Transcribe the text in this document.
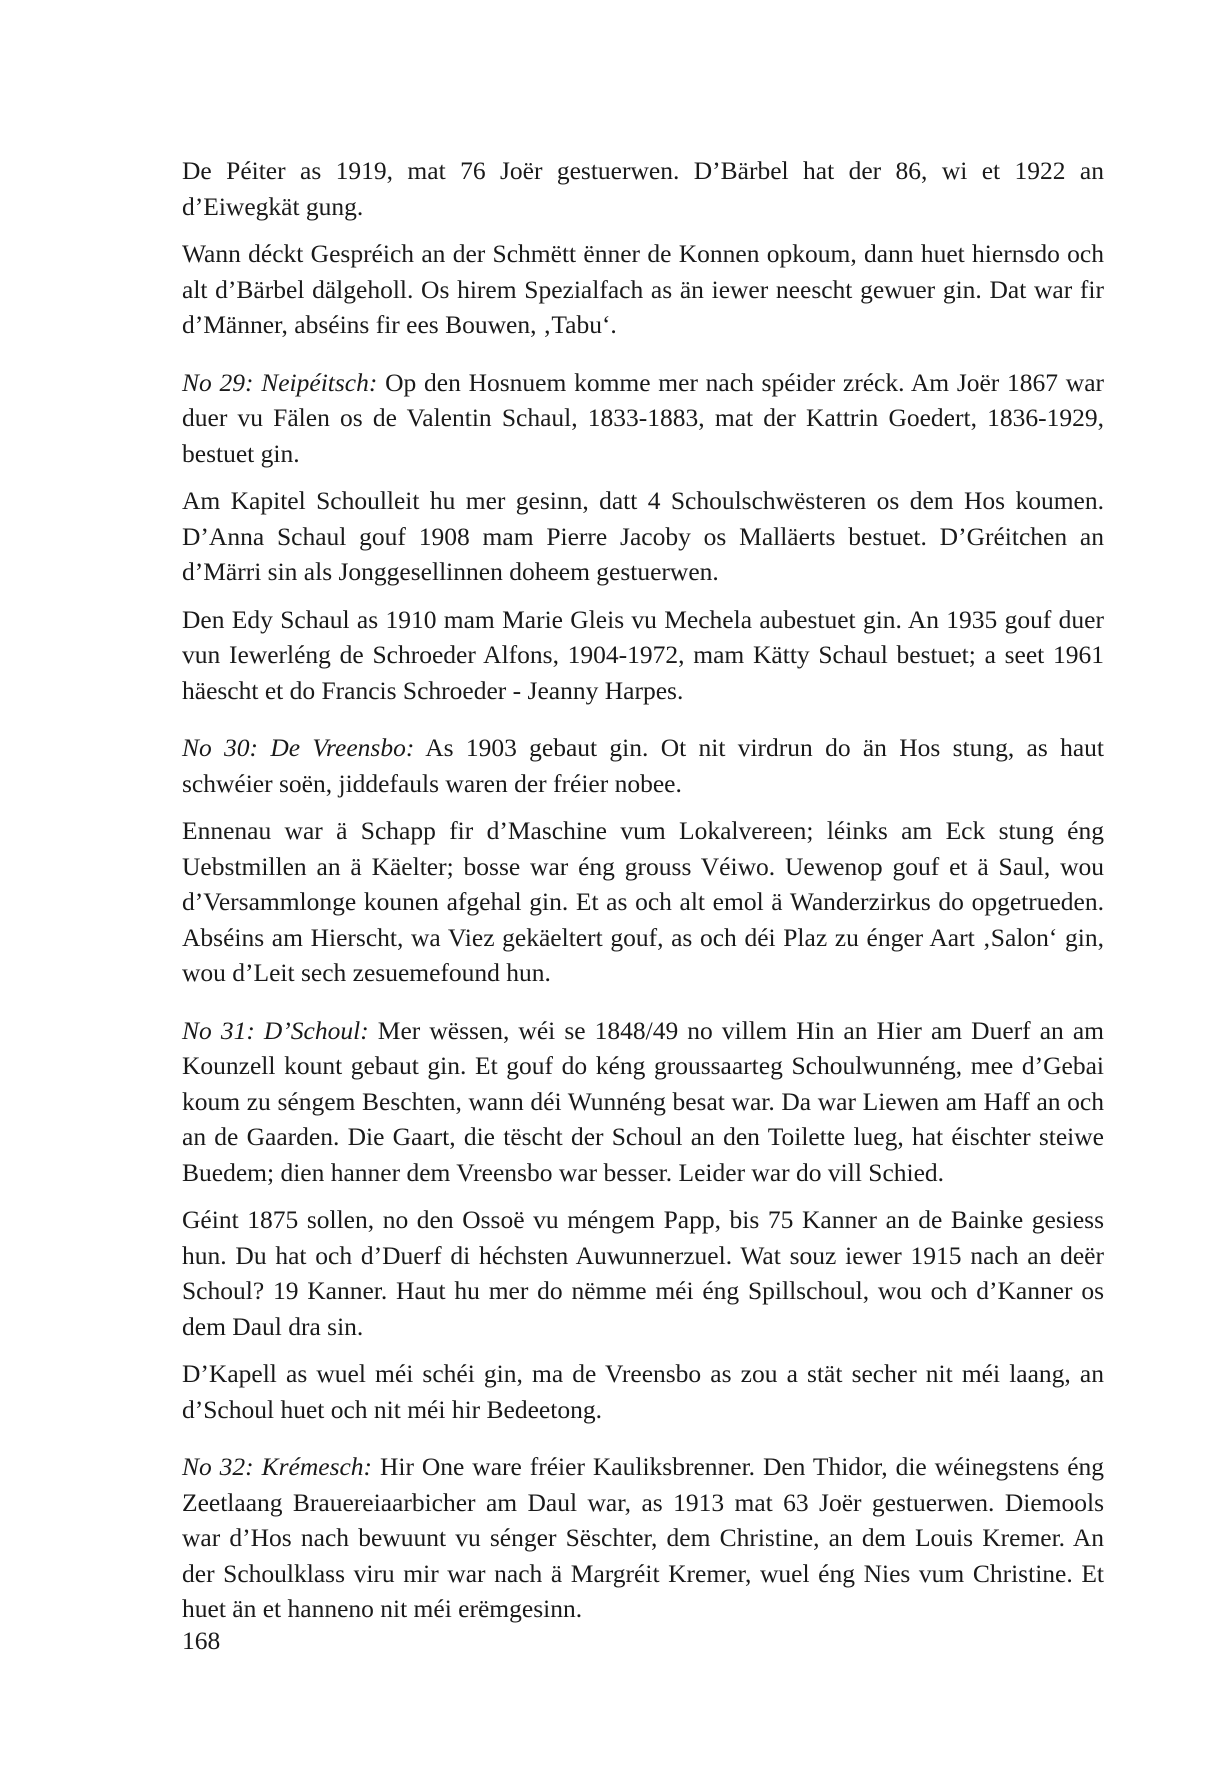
De Péiter as 1919, mat 76 Joër gestuerwen. D’Bärbel hat der 86, wi et 1922 an d’Eiwegkät gung.

Wann déckt Gespréich an der Schmëtt ënner de Konnen opkoum, dann huet hiernsdo och alt d’Bärbel dälgeholl. Os hirem Spezialfach as än iewer neescht gewuer gin. Dat war fir d’Männer, abséins fir ees Bouwen, ‚Tabu‘.

No 29: Neipéitsch: Op den Hosnuem komme mer nach spéider zréck. Am Joër 1867 war duer vu Fälen os de Valentin Schaul, 1833-1883, mat der Kattrin Goedert, 1836-1929, bestuet gin.

Am Kapitel Schoulleit hu mer gesinn, datt 4 Schoulschwësteren os dem Hos koumen. D’Anna Schaul gouf 1908 mam Pierre Jacoby os Malläerts bestuet. D’Gréitchen an d’Märri sin als Jonggesellinnen doheem gestuerwen.

Den Edy Schaul as 1910 mam Marie Gleis vu Mechela aubestuet gin. An 1935 gouf duer vun Iewerléng de Schroeder Alfons, 1904-1972, mam Kätty Schaul bestuet; a seet 1961 häescht et do Francis Schroeder - Jeanny Harpes.

No 30: De Vreensbo: As 1903 gebaut gin. Ot nit virdrun do än Hos stung, as haut schwéier soën, jiddefauls waren der fréier nobee.

Ennenau war ä Schapp fir d’Maschine vum Lokalvereen; léinks am Eck stung éng Uebstmillen an ä Käelter; bosse war éng grouss Véiwo. Uewenop gouf et ä Saul, wou d’Versammlonge kounen afgehal gin. Et as och alt emol ä Wanderzirkus do opgetrueden. Abséins am Hierscht, wa Viez gekäeltert gouf, as och déi Plaz zu énger Aart ‚Salon‘ gin, wou d’Leit sech zesuemefound hun.

No 31: D’Schoul: Mer wëssen, wéi se 1848/49 no villem Hin an Hier am Duerf an am Kounzell kount gebaut gin. Et gouf do kéng groussaarteg Schoulwunnéng, mee d’Gebai koum zu séngem Beschten, wann déi Wunnéng besat war. Da war Liewen am Haff an och an de Gaarden. Die Gaart, die tëscht der Schoul an den Toilette lueg, hat éischter steiwe Buedem; dien hanner dem Vreensbo war besser. Leider war do vill Schied.

Géint 1875 sollen, no den Ossoë vu méngem Papp, bis 75 Kanner an de Bainke gesiess hun. Du hat och d’Duerf di héchsten Auwunnerzuel. Wat souz iewer 1915 nach an deër Schoul? 19 Kanner. Haut hu mer do nëmme méi éng Spillschoul, wou och d’Kanner os dem Daul dra sin.

D’Kapell as wuel méi schéi gin, ma de Vreensbo as zou a stät secher nit méi laang, an d’Schoul huet och nit méi hir Bedeetong.

No 32: Krémesch: Hir One ware fréier Kauliksbrenner. Den Thidor, die wéinegstens éng Zeetlaang Brauereiaarbicher am Daul war, as 1913 mat 63 Joër gestuerwen. Diemools war d’Hos nach bewuunt vu sénger Sëschter, dem Christine, an dem Louis Kremer. An der Schoulklass viru mir war nach ä Margréit Kremer, wuel éng Nies vum Christine. Et huet än et hanneno nit méi erëmgesinn.

168
